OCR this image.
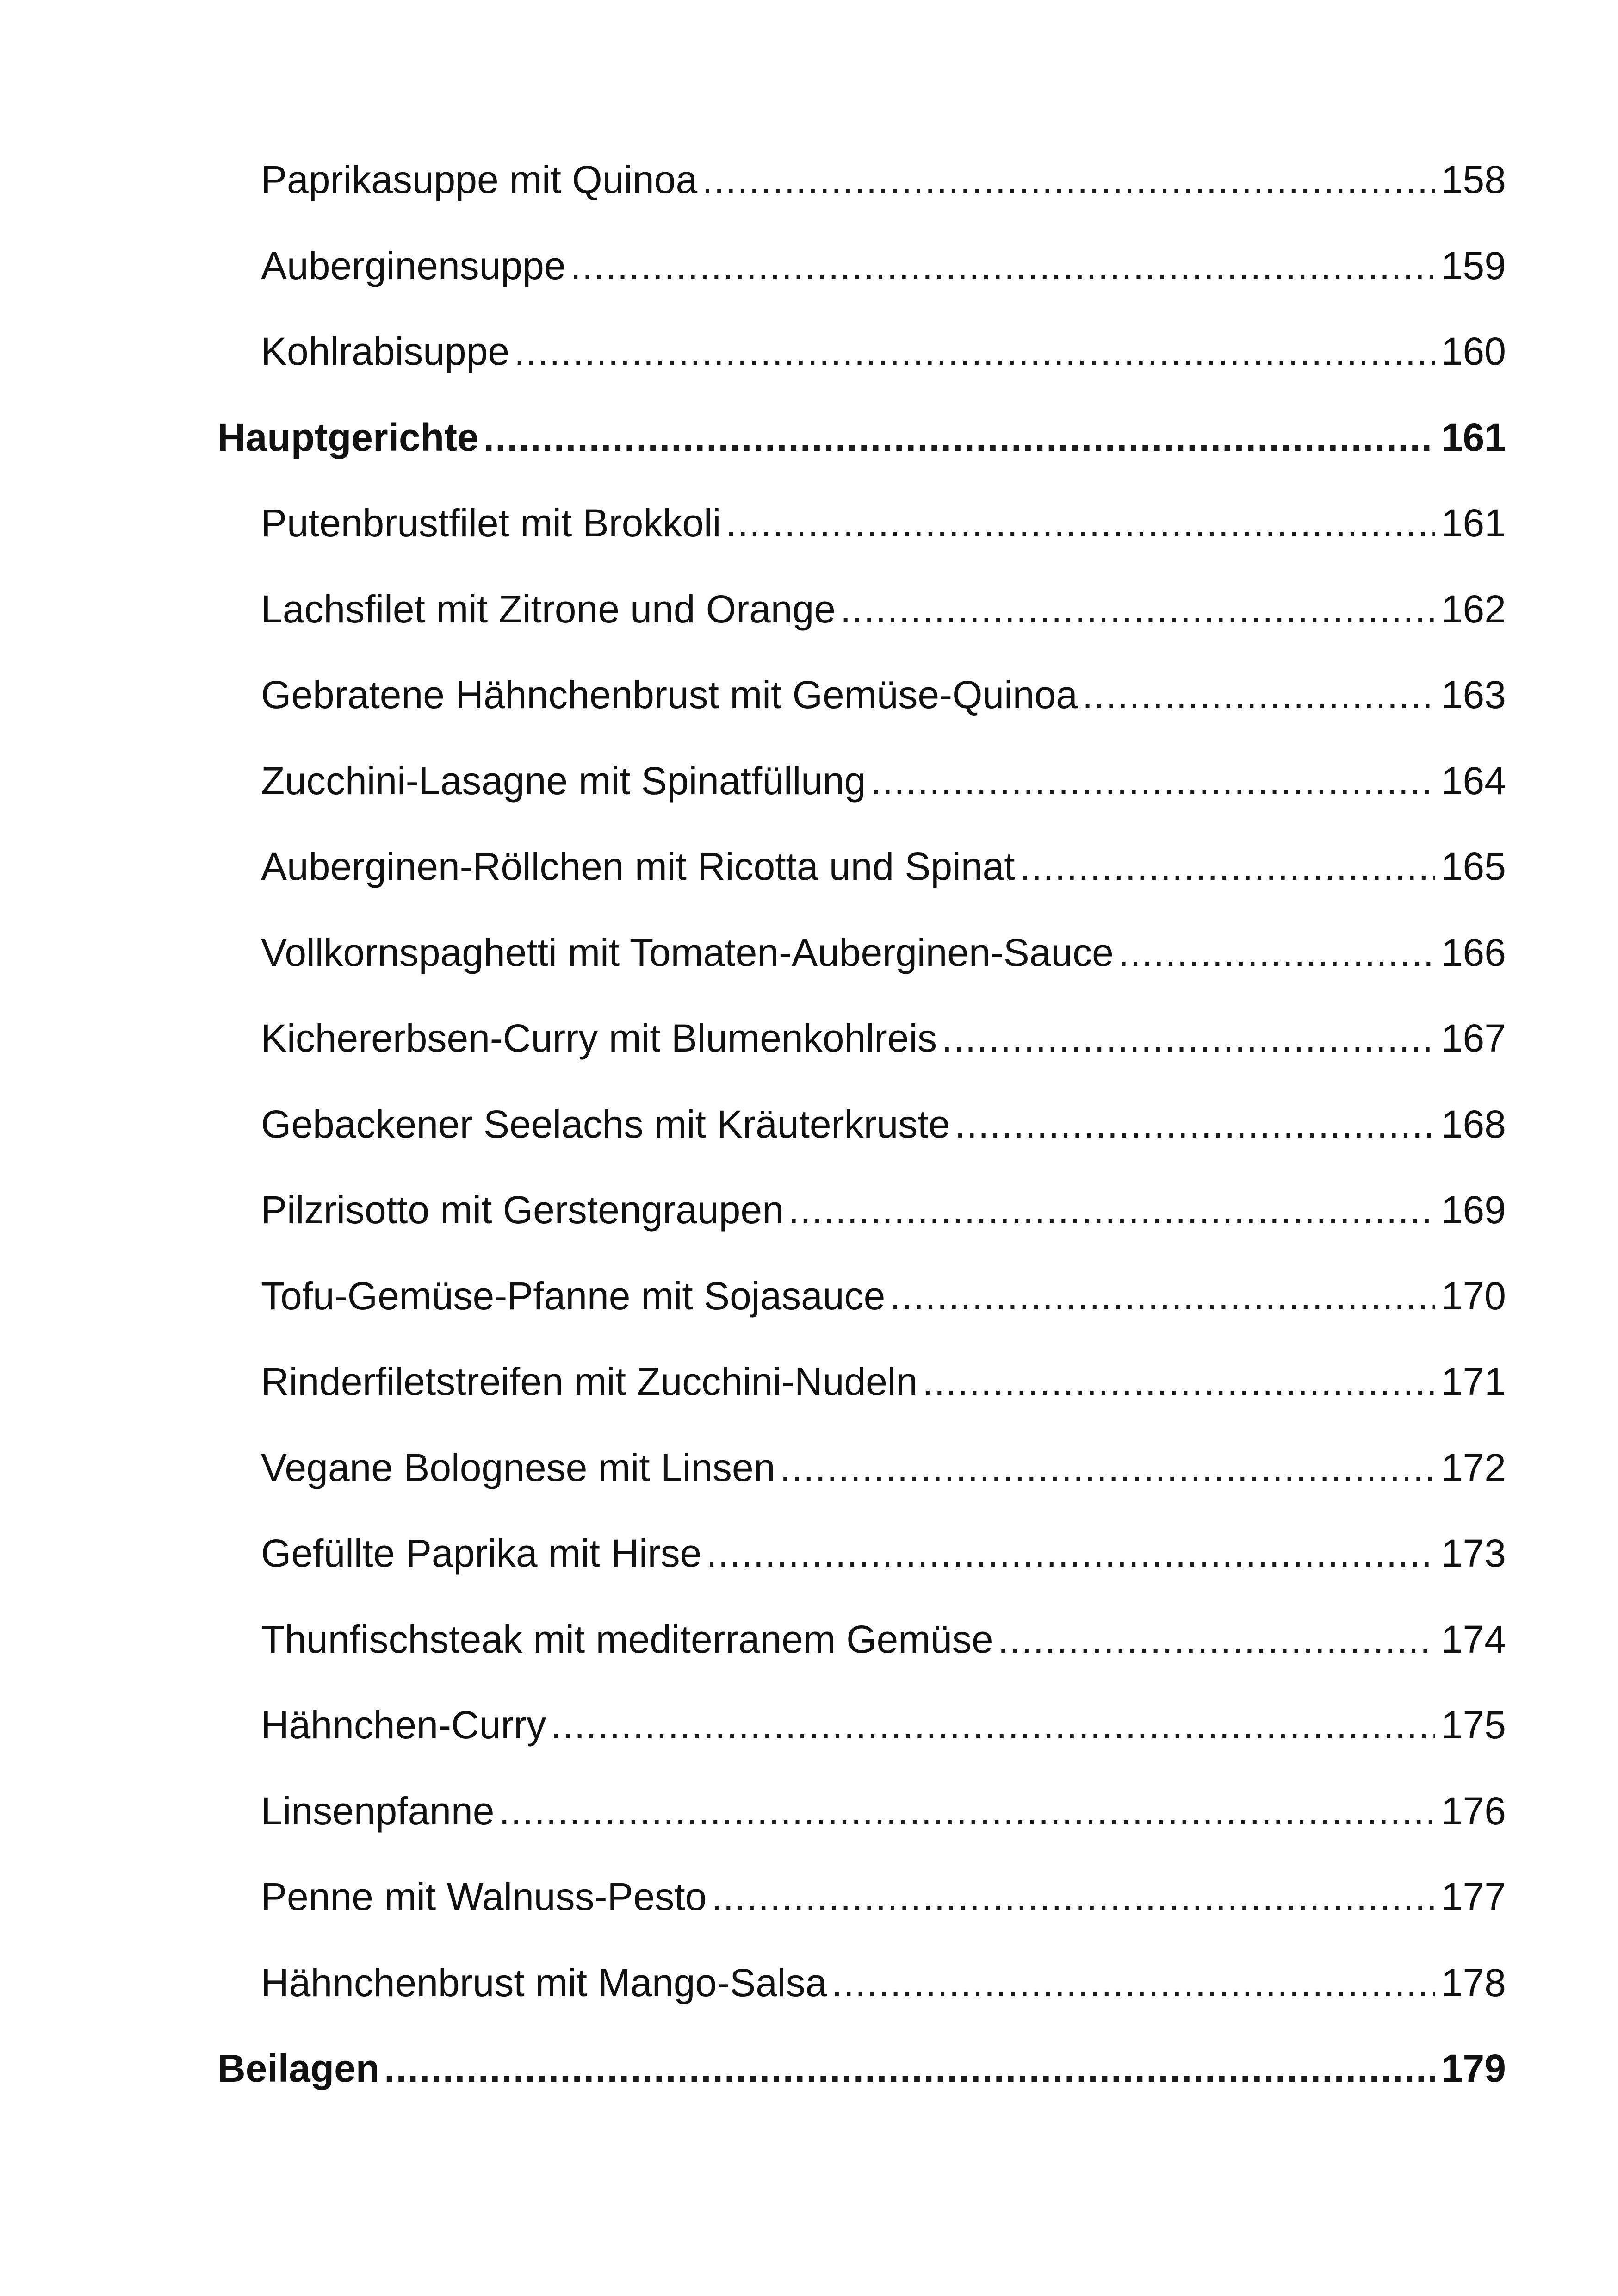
Paprikasuppe mit Quinoa .....	158
Auberginensuppe .....	159
Kohlrabisuppe .....	160
Hauptgerichte .....	161
Putenbrustfilet mit Brokkoli .....	161
Lachsfilet mit Zitrone und Orange .....	162
Gebratene Hähnchenbrust mit Gemüse-Quinoa .....	163
Zucchini-Lasagne mit Spinatfüllung .....	164
Auberginen-Röllchen mit Ricotta und Spinat .....	165
Vollkornspaghetti mit Tomaten-Auberginen-Sauce .....	166
Kichererbsen-Curry mit Blumenkohlreis .....	167
Gebackener Seelachs mit Kräuterkruste .....	168
Pilzrisotto mit Gerstengraupen .....	169
Tofu-Gemüse-Pfanne mit Sojasauce .....	170
Rinderfiletstreifen mit Zucchini-Nudeln .....	171
Vegane Bolognese mit Linsen .....	172
Gefüllte Paprika mit Hirse .....	173
Thunfischsteak mit mediterranem Gemüse .....	174
Hähnchen-Curry .....	175
Linsenpfanne .....	176
Penne mit Walnuss-Pesto .....	177
Hähnchenbrust mit Mango-Salsa .....	178
Beilagen .....	179
